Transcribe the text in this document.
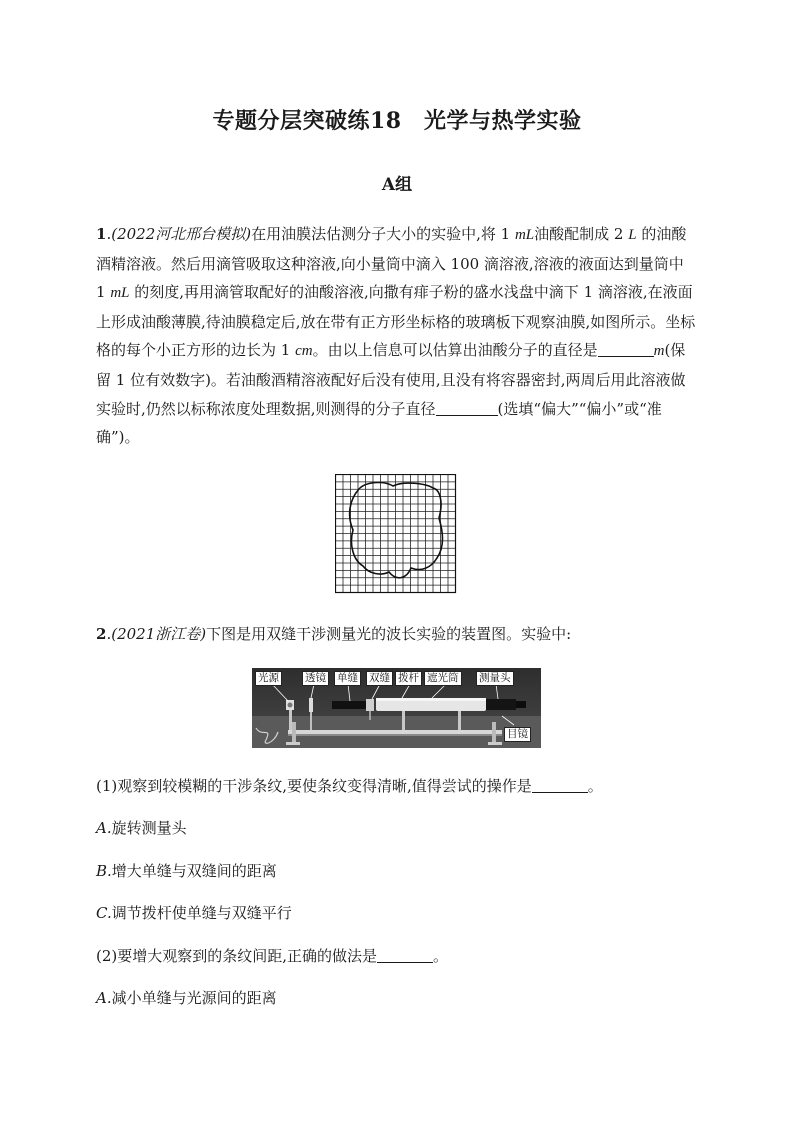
专题分层突破练18　光学与热学实验
A组

1.(2022河北邢台模拟)在用油膜法估测分子大小的实验中,将 1 mL油酸配制成 2 L 的油酸酒精溶液。然后用滴管吸取这种溶液,向小量筒中滴入 100 滴溶液,溶液的液面达到量筒中 1 mL 的刻度,再用滴管取配好的油酸溶液,向撒有痱子粉的盛水浅盘中滴下 1 滴溶液,在液面上形成油酸薄膜,待油膜稳定后,放在带有正方形坐标格的玻璃板下观察油膜,如图所示。坐标格的每个小正方形的边长为 1 cm。由以上信息可以估算出油酸分子的直径是	m(保留 1 位有效数字)。若油酸酒精溶液配好后没有使用,且没有将容器密封,两周后用此溶液做实验时,仍然以标称浓度处理数据,则测得的分子直径	(选填“偏大”“偏小”或“准确”)。

2.(2021浙江卷)下图是用双缝干涉测量光的波长实验的装置图。实验中:
光源 透镜 单缝 双缝 拨杆 遮光筒 测量头
目镜
(1)观察到较模糊的干涉条纹,要使条纹变得清晰,值得尝试的操作是	。
A.旋转测量头
B.增大单缝与双缝间的距离
C.调节拨杆使单缝与双缝平行
(2)要增大观察到的条纹间距,正确的做法是	。
A.减小单缝与光源间的距离
